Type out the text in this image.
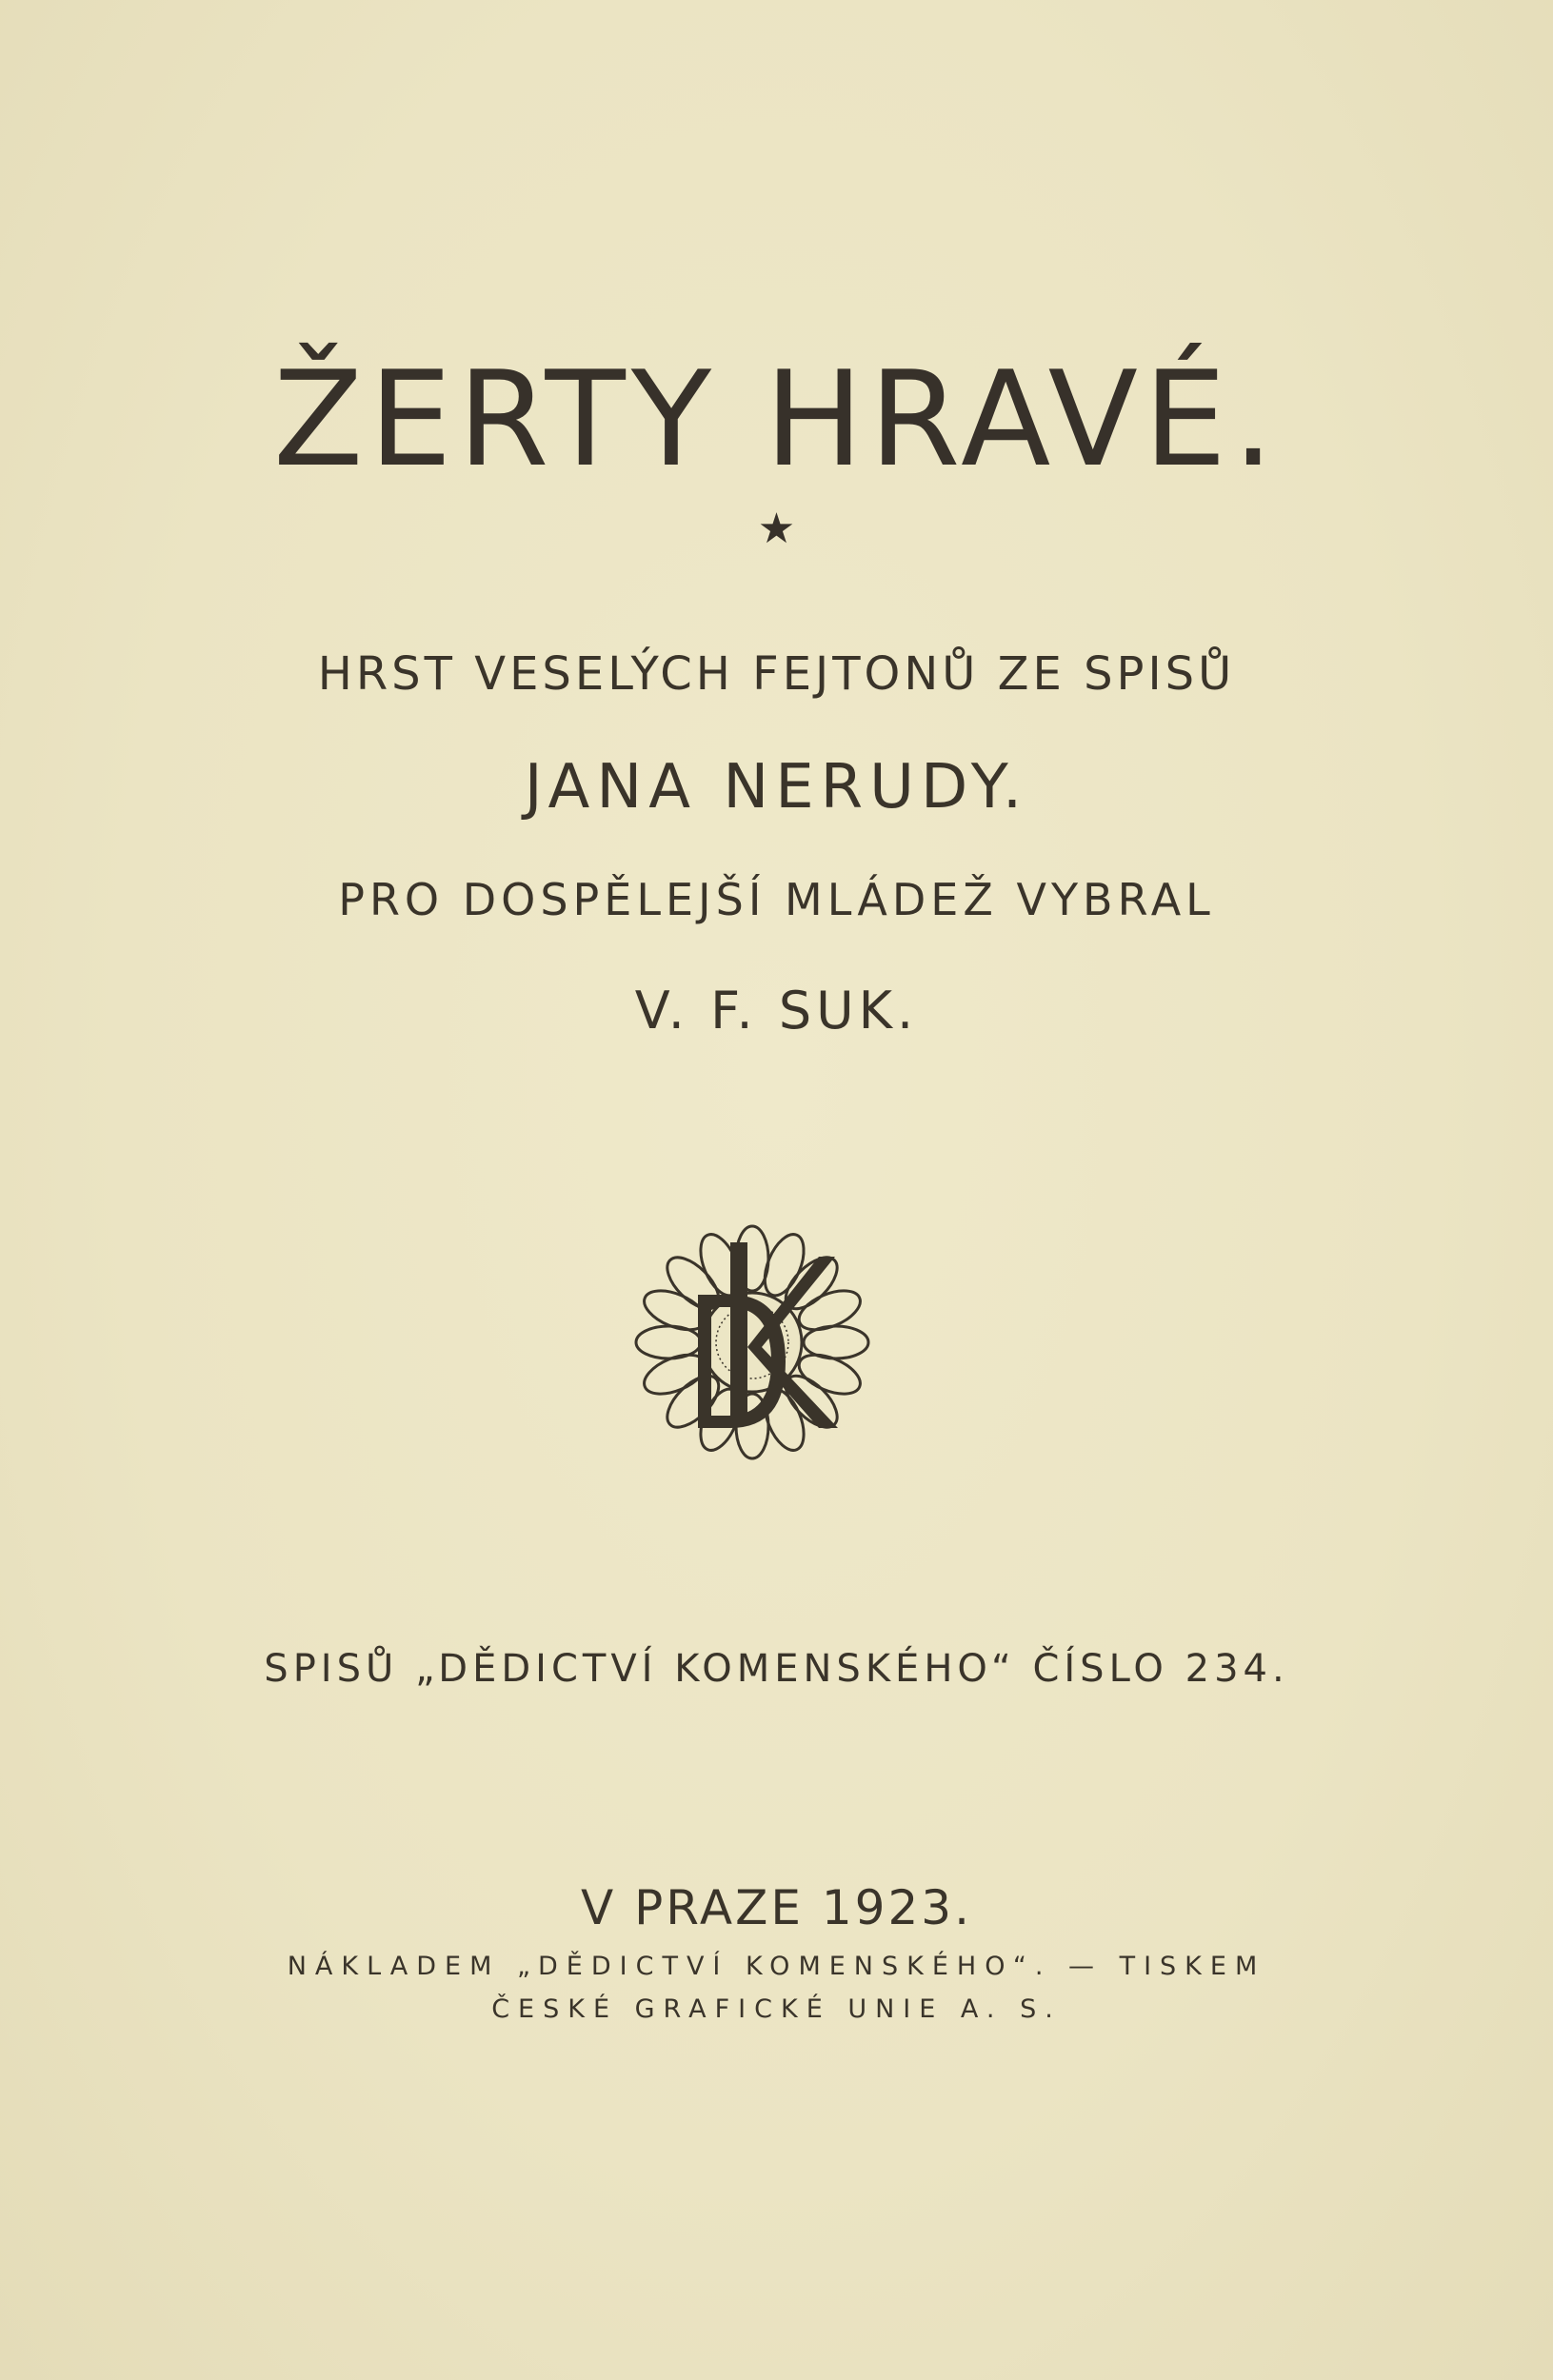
ŽERTY HRAVÉ.
★
HRST VESELÝCH FEJTONŮ ZE SPISŮ
JANA NERUDY.
PRO DOSPĚLEJŠÍ MLÁDEŽ VYBRAL
V. F. SUK.
SPISŮ „DĚDICTVÍ KOMENSKÉHO“ ČÍSLO 234.
V PRAZE 1923.
NÁKLADEM „DĚDICTVÍ KOMENSKÉHO“. — TISKEM
ČESKÉ GRAFICKÉ UNIE A. S.
